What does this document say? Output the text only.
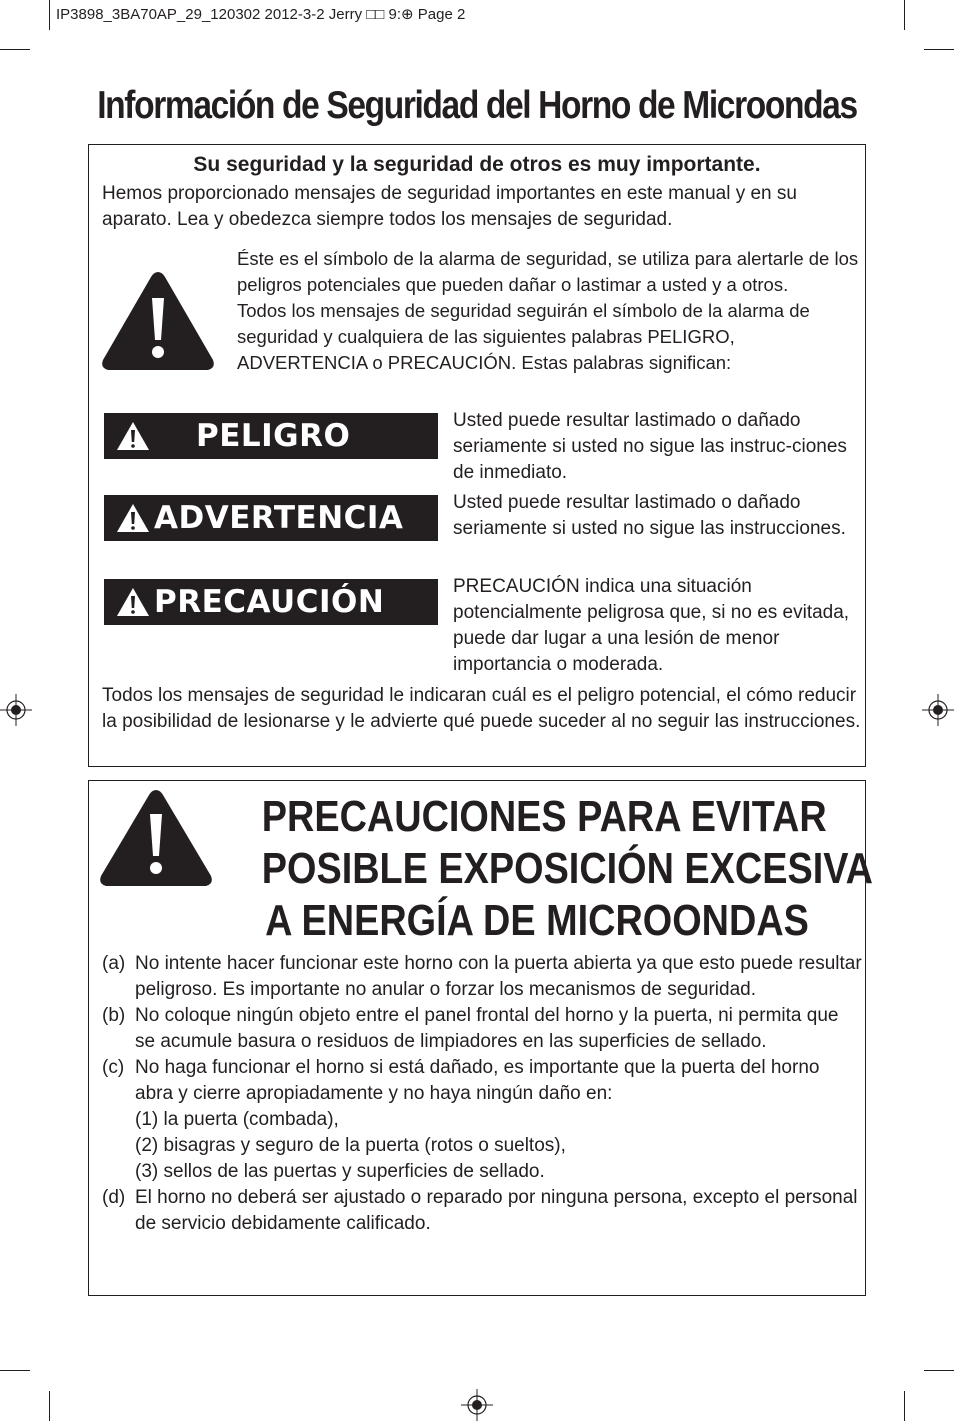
IP3898_3BA70AP_29_120302 2012-3-2 Jerry □□ 9:⊕ Page 2
Información de Seguridad del Horno de Microondas
Su seguridad y la seguridad de otros es muy importante.
Hemos proporcionado mensajes de seguridad importantes en este manual y en su aparato. Lea y obedezca siempre todos los mensajes de seguridad.
Éste es el símbolo de la alarma de seguridad, se utiliza para alertarle de los peligros potenciales que pueden dañar o lastimar a usted y a otros.
Todos los mensajes de seguridad seguirán el símbolo de la alarma de seguridad y cualquiera de las siguientes palabras PELIGRO, ADVERTENCIA o PRECAUCIÓN. Estas palabras significan:
PELIGRO	Usted puede resultar lastimado o dañado seriamente si usted no sigue las instruc-ciones de inmediato.
ADVERTENCIA	Usted puede resultar lastimado o dañado seriamente si usted no sigue las instrucciones.
PRECAUCIÓN	PRECAUCIÓN indica una situación potencialmente peligrosa que, si no es evitada, puede dar lugar a una lesión de menor importancia o moderada.
Todos los mensajes de seguridad le indicaran cuál es el peligro potencial, el cómo reducir la posibilidad de lesionarse y le advierte qué puede suceder al no seguir las instrucciones.
PRECAUCIONES PARA EVITAR
POSIBLE EXPOSICIÓN EXCESIVA
A ENERGÍA DE MICROONDAS
(a) No intente hacer funcionar este horno con la puerta abierta ya que esto puede resultar peligroso. Es importante no anular o forzar los mecanismos de seguridad.
(b) No coloque ningún objeto entre el panel frontal del horno y la puerta, ni permita que se acumule basura o residuos de limpiadores en las superficies de sellado.
(c) No haga funcionar el horno si está dañado, es importante que la puerta del horno abra y cierre apropiadamente y no haya ningún daño en:
(1) la puerta (combada),
(2) bisagras y seguro de la puerta (rotos o sueltos),
(3) sellos de las puertas y superficies de sellado.
(d) El horno no deberá ser ajustado o reparado por ninguna persona, excepto el personal de servicio debidamente calificado.
